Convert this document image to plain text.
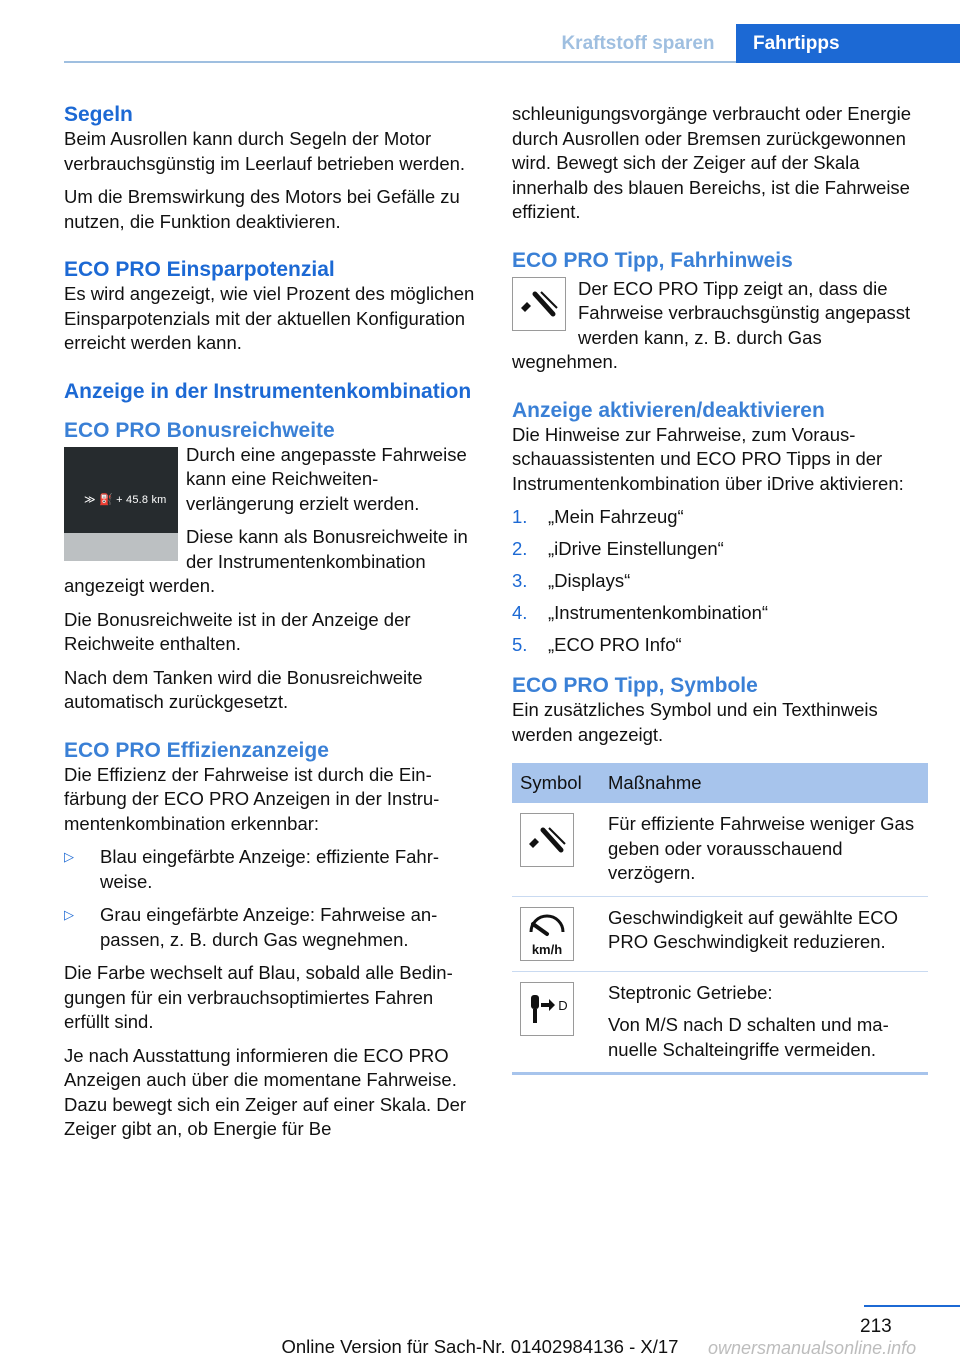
Kraftstoff sparen	Fahrtipps
Segeln

Beim Ausrollen kann durch Segeln der Motor verbrauchsgünstig im Leerlauf betrieben werden.

Um die Bremswirkung des Motors bei Gefälle zu nutzen, die Funktion deaktivieren.

ECO PRO Einsparpotenzial

Es wird angezeigt, wie viel Prozent des möglichen Einsparpotenzials mit der aktuellen Konfiguration erreicht werden kann.

Anzeige in der Instrumentenkombination
ECO PRO Bonusreichweite
≫ ⛽ + 45.8 km

Durch eine angepasste Fahrweise kann eine Reichweitenverlängerung erzielt werden.

Diese kann als Bonusreichweite in der Instrumentenkombination angezeigt werden.

Die Bonusreichweite ist in der Anzeige der Reichweite enthalten.

Nach dem Tanken wird die Bonusreichweite automatisch zurückgesetzt.

ECO PRO Effizienzanzeige

Die Effizienz der Fahrweise ist durch die Einfärbung der ECO PRO Anzeigen in der Instrumentenkombination erkennbar:

▷ Blau eingefärbte Anzeige: effiziente Fahrweise.
▷ Grau eingefärbte Anzeige: Fahrweise anpassen, z. B. durch Gas wegnehmen.

Die Farbe wechselt auf Blau, sobald alle Bedingungen für ein verbrauchsoptimiertes Fahren erfüllt sind.

Je nach Ausstattung informieren die ECO PRO Anzeigen auch über die momentane Fahrweise. Dazu bewegt sich ein Zeiger auf einer Skala. Der Zeiger gibt an, ob Energie für Be

schleunigungsvorgänge verbraucht oder Energie durch Ausrollen oder Bremsen zurückgewonnen wird. Bewegt sich der Zeiger auf der Skala innerhalb des blauen Bereichs, ist die Fahrweise effizient.

ECO PRO Tipp, Fahrhinweis

Der ECO PRO Tipp zeigt an, dass die Fahrweise verbrauchsgünstig angepasst werden kann, z. B. durch Gas wegnehmen.

Anzeige aktivieren/deaktivieren

Die Hinweise zur Fahrweise, zum Vorausschauassistenten und ECO PRO Tipps in der Instrumentenkombination über iDrive aktivieren:

1. „Mein Fahrzeug“
2. „iDrive Einstellungen“
3. „Displays“
4. „Instrumentenkombination“
5. „ECO PRO Info“
ECO PRO Tipp, Symbole

Ein zusätzliches Symbol und ein Texthinweis werden angezeigt.

Symbol	Maßnahme

	Für effiziente Fahrweise weniger Gas geben oder vorausschauend verzögern.

km/h	Geschwindigkeit auf gewählte ECO PRO Geschwindigkeit reduzieren.

D	Steptronic Getriebe:

Von M/S nach D schalten und manuelle Schalteingriffe vermeiden.

213
Online Version für Sach-Nr. 01402984136 - X/17	ownersmanualsonline.info
